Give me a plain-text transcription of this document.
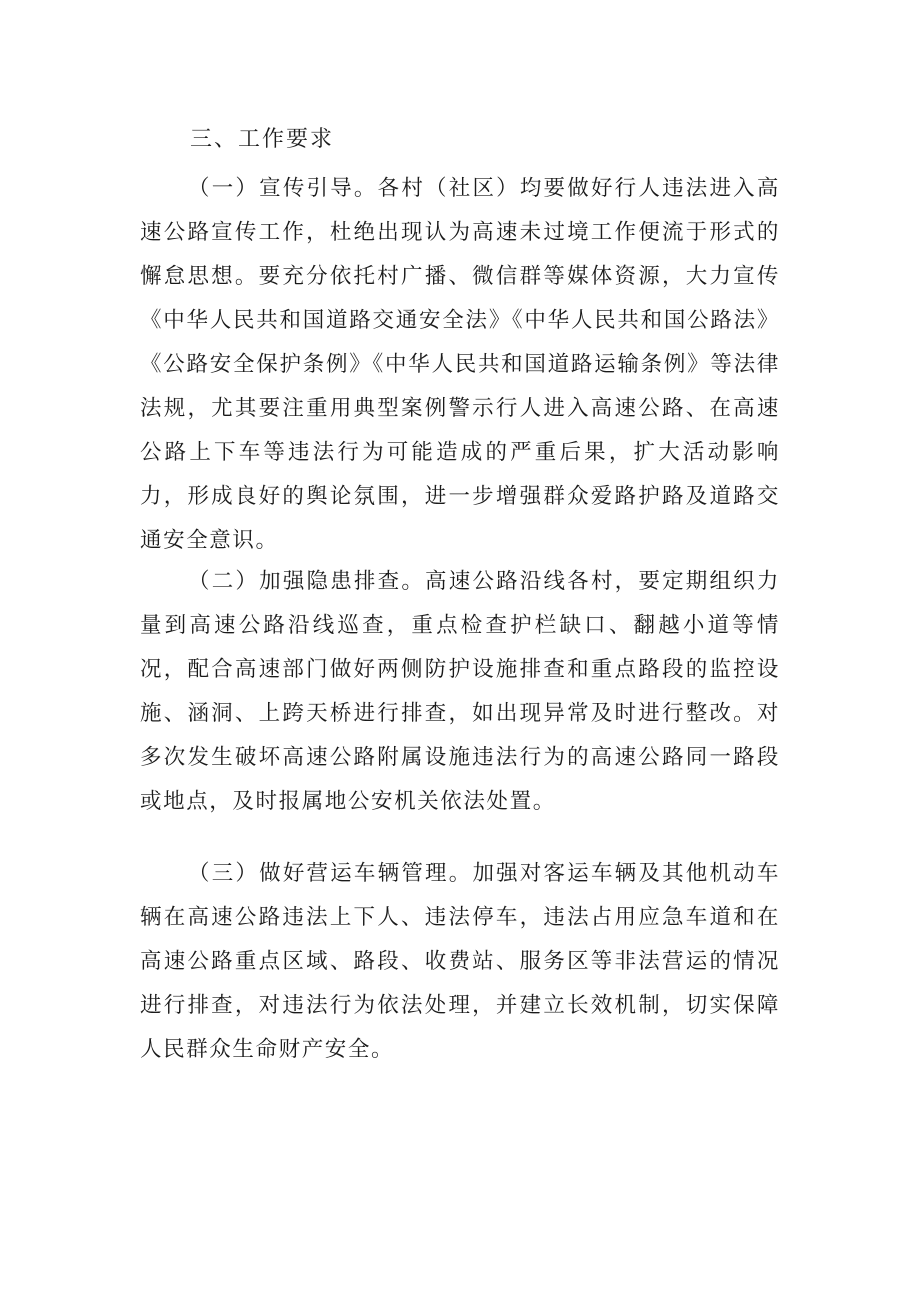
三、工作要求

（一）宣传引导。各村（社区）均要做好行人违法进入高速公路宣传工作，杜绝出现认为高速未过境工作便流于形式的懈怠思想。要充分依托村广播、微信群等媒体资源，大力宣传《中华人民共和国道路交通安全法》《中华人民共和国公路法》《公路安全保护条例》《中华人民共和国道路运输条例》等法律法规，尤其要注重用典型案例警示行人进入高速公路、在高速公路上下车等违法行为可能造成的严重后果，扩大活动影响力，形成良好的舆论氛围，进一步增强群众爱路护路及道路交通安全意识。

（二）加强隐患排查。高速公路沿线各村，要定期组织力量到高速公路沿线巡查，重点检查护栏缺口、翻越小道等情况，配合高速部门做好两侧防护设施排查和重点路段的监控设施、涵洞、上跨天桥进行排查，如出现异常及时进行整改。对多次发生破坏高速公路附属设施违法行为的高速公路同一路段或地点，及时报属地公安机关依法处置。

（三）做好营运车辆管理。加强对客运车辆及其他机动车辆在高速公路违法上下人、违法停车，违法占用应急车道和在高速公路重点区域、路段、收费站、服务区等非法营运的情况进行排查，对违法行为依法处理，并建立长效机制，切实保障人民群众生命财产安全。
